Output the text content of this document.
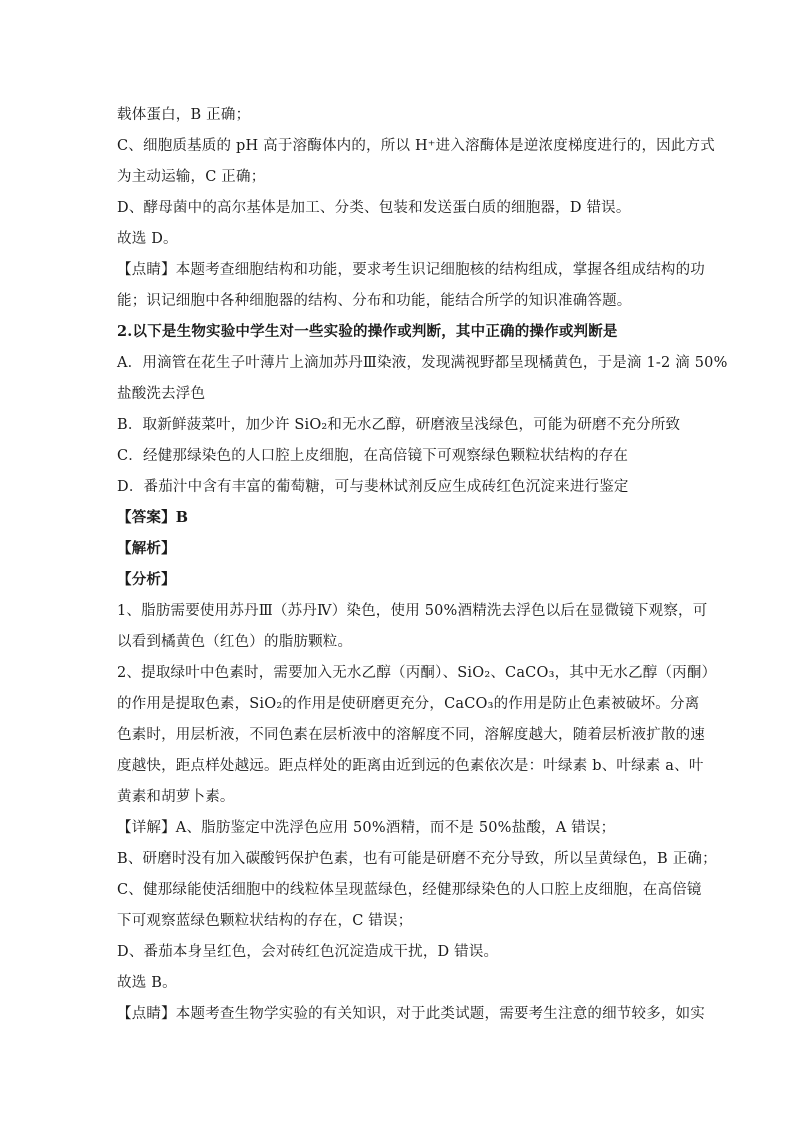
载体蛋白，B 正确；
C、细胞质基质的 pH 高于溶酶体内的，所以 H⁺进入溶酶体是逆浓度梯度进行的，因此方式
为主动运输，C 正确；
D、酵母菌中的高尔基体是加工、分类、包装和发送蛋白质的细胞器，D 错误。
故选 D。
【点睛】本题考查细胞结构和功能，要求考生识记细胞核的结构组成，掌握各组成结构的功
能；识记细胞中各种细胞器的结构、分布和功能，能结合所学的知识准确答题。
2.以下是生物实验中学生对一些实验的操作或判断，其中正确的操作或判断是
A．用滴管在花生子叶薄片上滴加苏丹Ⅲ染液，发现满视野都呈现橘黄色，于是滴 1-2 滴 50%
盐酸洗去浮色
B．取新鲜菠菜叶，加少许 SiO₂和无水乙醇，研磨液呈浅绿色，可能为研磨不充分所致
C．经健那绿染色的人口腔上皮细胞，在高倍镜下可观察绿色颗粒状结构的存在
D．番茄汁中含有丰富的葡萄糖，可与斐林试剂反应生成砖红色沉淀来进行鉴定
【答案】B
【解析】
【分析】
1、脂肪需要使用苏丹Ⅲ（苏丹Ⅳ）染色，使用 50%酒精洗去浮色以后在显微镜下观察，可
以看到橘黄色（红色）的脂肪颗粒。
2、提取绿叶中色素时，需要加入无水乙醇（丙酮）、SiO₂、CaCO₃，其中无水乙醇（丙酮）
的作用是提取色素，SiO₂的作用是使研磨更充分，CaCO₃的作用是防止色素被破坏。分离
色素时，用层析液，不同色素在层析液中的溶解度不同，溶解度越大，随着层析液扩散的速
度越快，距点样处越远。距点样处的距离由近到远的色素依次是：叶绿素 b、叶绿素 a、叶
黄素和胡萝卜素。
【详解】A、脂肪鉴定中洗浮色应用 50%酒精，而不是 50%盐酸，A 错误；
B、研磨时没有加入碳酸钙保护色素，也有可能是研磨不充分导致，所以呈黄绿色，B 正确；
C、健那绿能使活细胞中的线粒体呈现蓝绿色，经健那绿染色的人口腔上皮细胞，在高倍镜
下可观察蓝绿色颗粒状结构的存在，C 错误；
D、番茄本身呈红色，会对砖红色沉淀造成干扰，D 错误。
故选 B。
【点睛】本题考查生物学实验的有关知识，对于此类试题，需要考生注意的细节较多，如实
